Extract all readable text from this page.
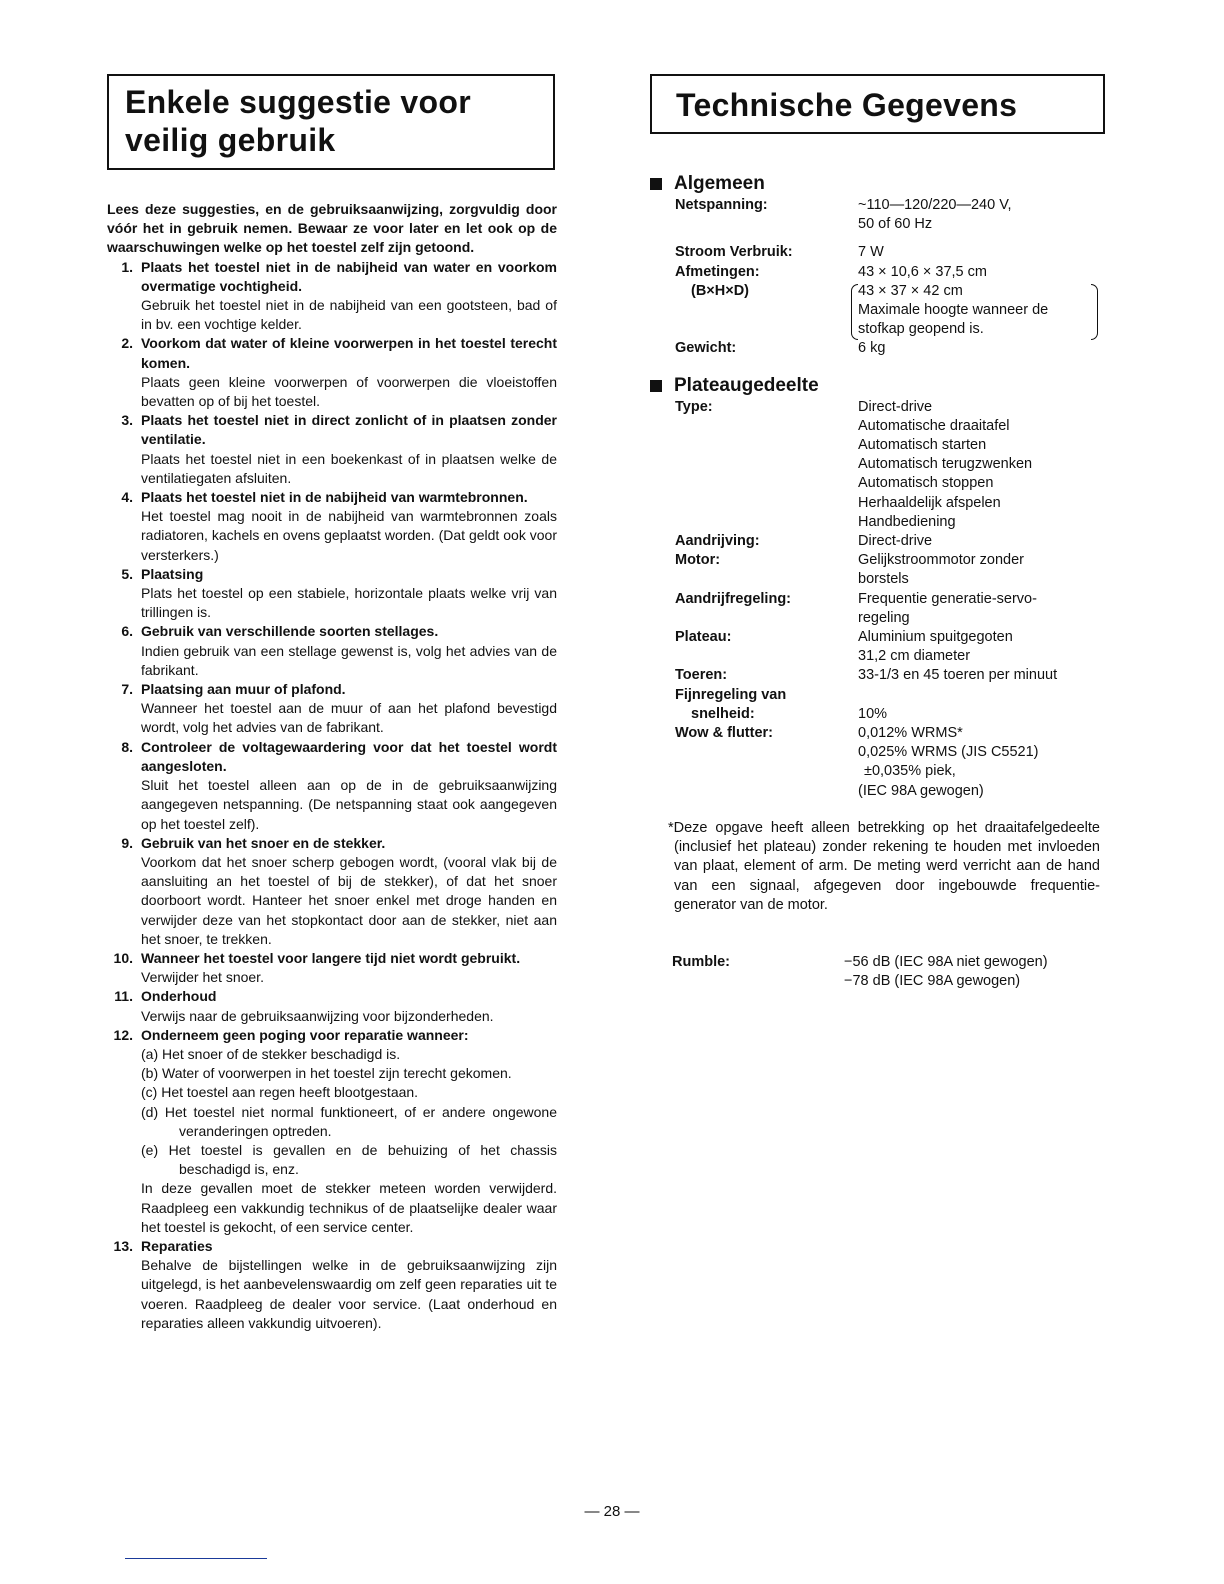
Enkele suggestie voor
veilig gebruik
Lees deze suggesties, en de gebruiksaanwijzing, zorgvuldig door vóór het in gebruik nemen. Bewaar ze voor later en let ook op de waarschuwingen welke op het toestel zelf zijn getoond.
1. Plaats het toestel niet in de nabijheid van water en voorkom overmatige vochtigheid.
Gebruik het toestel niet in de nabijheid van een gootsteen, bad of in bv. een vochtige kelder.
2. Voorkom dat water of kleine voorwerpen in het toestel terecht komen.
Plaats geen kleine voorwerpen of voorwerpen die vloeistoffen bevatten op of bij het toestel.
3. Plaats het toestel niet in direct zonlicht of in plaatsen zonder ventilatie.
Plaats het toestel niet in een boekenkast of in plaatsen welke de ventilatiegaten afsluiten.
4. Plaats het toestel niet in de nabijheid van warmtebronnen.
Het toestel mag nooit in de nabijheid van warmtebronnen zoals radiatoren, kachels en ovens geplaatst worden. (Dat geldt ook voor versterkers.)
5. Plaatsing
Plats het toestel op een stabiele, horizontale plaats welke vrij van trillingen is.
6. Gebruik van verschillende soorten stellages.
Indien gebruik van een stellage gewenst is, volg het advies van de fabrikant.
7. Plaatsing aan muur of plafond.
Wanneer het toestel aan de muur of aan het plafond bevestigd wordt, volg het advies van de fabrikant.
8. Controleer de voltagewaardering voor dat het toestel wordt aangesloten.
Sluit het toestel alleen aan op de in de gebruiksaanwijzing aangegeven netspanning. (De netspanning staat ook aangegeven op het toestel zelf).
9. Gebruik van het snoer en de stekker.
Voorkom dat het snoer scherp gebogen wordt, (vooral vlak bij de aansluiting an het toestel of bij de stekker), of dat het snoer doorboort wordt. Hanteer het snoer enkel met droge handen en verwijder deze van het stopkontact door aan de stekker, niet aan het snoer, te trekken.
10. Wanneer het toestel voor langere tijd niet wordt gebruikt.
Verwijder het snoer.
11. Onderhoud
Verwijs naar de gebruiksaanwijzing voor bijzonderheden.
12. Onderneem geen poging voor reparatie wanneer:
(a) Het snoer of de stekker beschadigd is.
(b) Water of voorwerpen in het toestel zijn terecht gekomen.
(c) Het toestel aan regen heeft blootgestaan.
(d) Het toestel niet normal funktioneert, of er andere ongewone veranderingen optreden.
(e) Het toestel is gevallen en de behuizing of het chassis beschadigd is, enz.
In deze gevallen moet de stekker meteen worden verwijderd. Raadpleeg een vakkundig technikus of de plaatselijke dealer waar het toestel is gekocht, of een service center.
13. Reparaties
Behalve de bijstellingen welke in de gebruiksaanwijzing zijn uitgelegd, is het aanbevelenswaardig om zelf geen reparaties uit te voeren. Raadpleeg de dealer voor service. (Laat onderhoud en reparaties alleen vakkundig uitvoeren).
Technische Gegevens
Algemeen
Netspanning:	~110—120/220—240 V,
50 of 60 Hz
Stroom Verbruik:	7 W
Afmetingen:	43 × 10,6 × 37,5 cm
(B×H×D)	43 × 37 × 42 cm
Maximale hoogte wanneer de
stofkap geopend is.
Gewicht:	6 kg
Plateaugedeelte
Type:	Direct-drive
Automatische draaitafel
Automatisch starten
Automatisch terugzwenken
Automatisch stoppen
Herhaaldelijk afspelen
Handbediening
Aandrijving:	Direct-drive
Motor:	Gelijkstroommotor zonder
borstels
Aandrijfregeling:	Frequentie generatie-servo-
regeling
Plateau:	Aluminium spuitgegoten
31,2 cm diameter
Toeren:	33-1/3 en 45 toeren per minuut
Fijnregeling van
snelheid:
	10%
Wow & flutter:	0,012% WRMS*
0,025% WRMS (JIS C5521)
±0,035% piek,
(IEC 98A gewogen)
*Deze opgave heeft alleen betrekking op het draaitafelgedeelte (inclusief het plateau) zonder rekening te houden met invloeden van plaat, element of arm. De meting werd verricht aan de hand van een signaal, afgegeven door ingebouwde frequentie-generator van de motor.
Rumble:	−56 dB (IEC 98A niet gewogen)
−78 dB (IEC 98A gewogen)
— 28 —
